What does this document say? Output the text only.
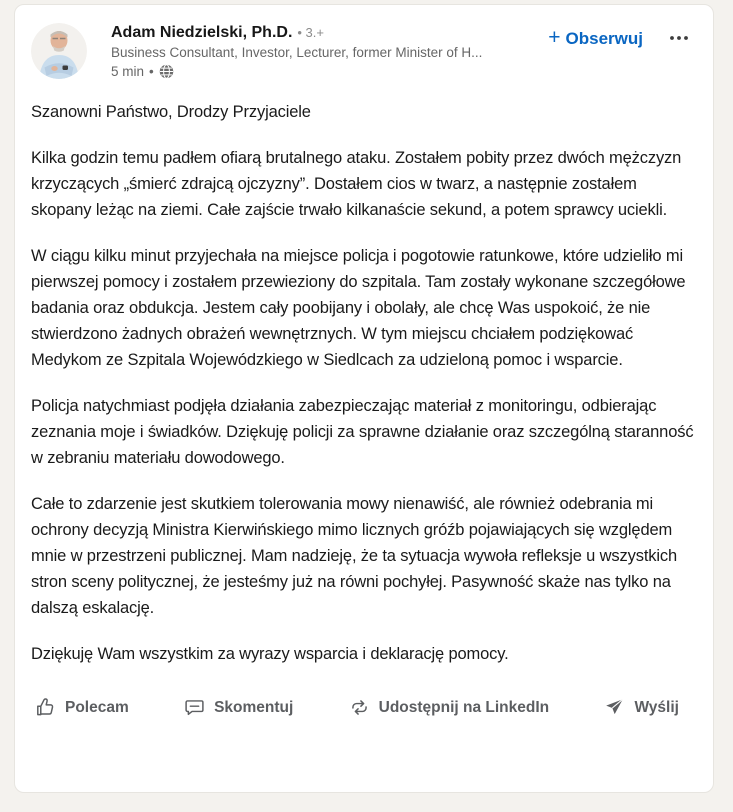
Adam Niedzielski, Ph.D. • 3.+
Business Consultant, Investor, Lecturer, former Minister of H...
5 min •
+ Obserwuj

Szanowni Państwo, Drodzy Przyjaciele

Kilka godzin temu padłem ofiarą brutalnego ataku. Zostałem pobity przez dwóch mężczyzn krzyczących „śmierć zdrajcą ojczyzny”. Dostałem cios w twarz, a następnie zostałem skopany leżąc na ziemi. Całe zajście trwało kilkanaście sekund, a potem sprawcy uciekli.

W ciągu kilku minut przyjechała na miejsce policja i pogotowie ratunkowe, które udzieliło mi pierwszej pomocy i zostałem przewieziony do szpitala. Tam zostały wykonane szczegółowe badania oraz obdukcja. Jestem cały poobijany i obolały, ale chcę Was uspokoić, że nie stwierdzono żadnych obrażeń wewnętrznych. W tym miejscu chciałem podziękować Medykom ze Szpitala Wojewódzkiego w Siedlcach za udzieloną pomoc i wsparcie.

Policja natychmiast podjęła działania zabezpieczając materiał z monitoringu, odbierając zeznania moje i świadków. Dziękuję policji za sprawne działanie oraz szczególną staranność w zebraniu materiału dowodowego.

Całe to zdarzenie jest skutkiem tolerowania mowy nienawiść, ale również odebrania mi ochrony decyzją Ministra Kierwińskiego mimo licznych gróźb pojawiających się względem mnie w przestrzeni publicznej. Mam nadzieję, że ta sytuacja wywoła refleksje u wszystkich stron sceny politycznej, że jesteśmy już na równi pochyłej. Pasywność skaże nas tylko na dalszą eskalację.

Dziękuję Wam wszystkim za wyrazy wsparcia i deklarację pomocy.

Polecam	Skomentuj	Udostępnij na LinkedIn	Wyślij
